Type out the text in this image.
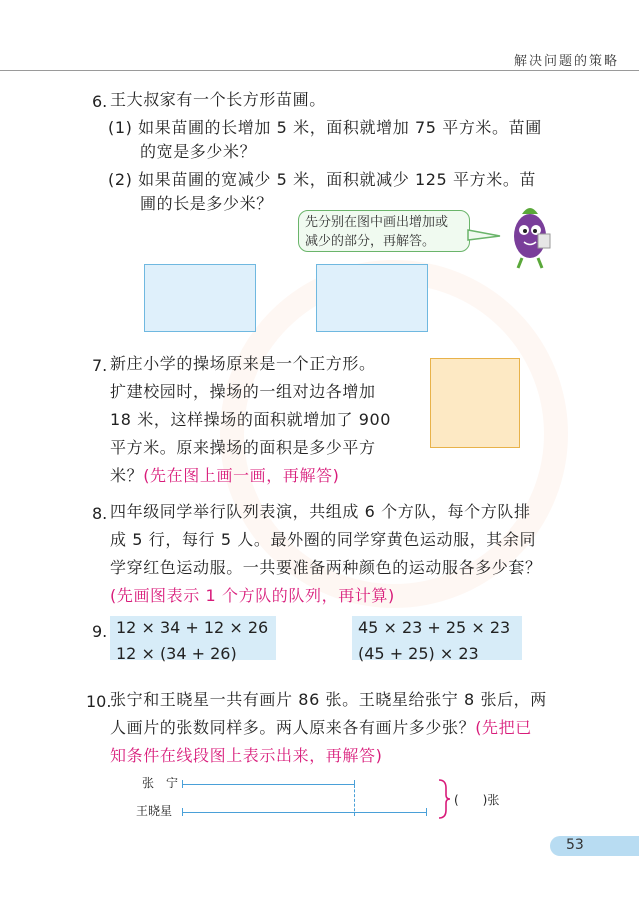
解决问题的策略
6. 王大叔家有一个长方形苗圃。
(1) 如果苗圃的长增加 5 米，面积就增加 75 平方米。苗圃
的宽是多少米？
(2) 如果苗圃的宽减少 5 米，面积就减少 125 平方米。苗
圃的长是多少米？
先分别在图中画出增加或
减少的部分，再解答。
7. 新庄小学的操场原来是一个正方形。
扩建校园时，操场的一组对边各增加
18 米，这样操场的面积就增加了 900
平方米。原来操场的面积是多少平方
米？(先在图上画一画，再解答)
8. 四年级同学举行队列表演，共组成 6 个方队，每个方队排
成 5 行，每行 5 人。最外圈的同学穿黄色运动服，其余同
学穿红色运动服。一共要准备两种颜色的运动服各多少套？
(先画图表示 1 个方队的队列，再计算)
9. 12 × 34 + 12 × 26
12 × (34 + 26)
45 × 23 + 25 × 23
(45 + 25) × 23
10.
张宁和王晓星一共有画片 86 张。王晓星给张宁 8 张后，两
人画片的张数同样多。两人原来各有画片多少张？(先把已
知条件在线段图上表示出来，再解答)
张　宁
王晓星
(　　)张
53
